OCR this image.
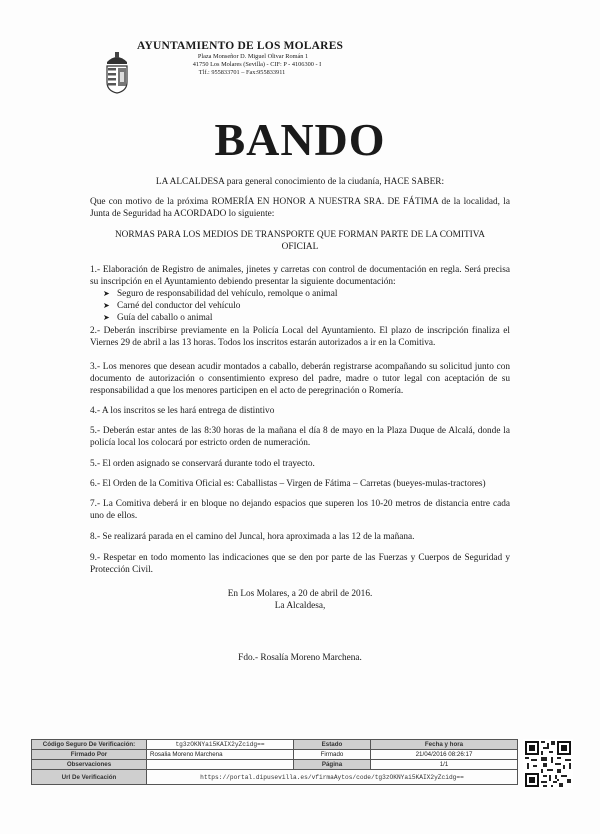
AYUNTAMIENTO DE LOS MOLARES
Plaza Monseñor D. Miguel Olivar Román 1
41750 Los Molares (Sevilla) - CIF: P - 4106300 - I
Tlf.: 955833701 – Fax:955833911
BANDO
LA ALCALDESA para general conocimiento de la ciudanía, HACE SABER:
Que con motivo de la próxima ROMERÍA EN HONOR A NUESTRA SRA. DE FÁTIMA de la localidad, la Junta de Seguridad ha ACORDADO lo siguiente:
NORMAS PARA LOS MEDIOS DE TRANSPORTE QUE FORMAN PARTE DE LA COMITIVA
OFICIAL
1.- Elaboración de Registro de animales, jinetes y carretas con control de documentación en regla. Será precisa su inscripción en el Ayuntamiento debiendo presentar la siguiente documentación:
➤ Seguro de responsabilidad del vehículo, remolque o animal
➤ Carné del conductor del vehículo
➤ Guía del caballo o animal
2.- Deberán inscribirse previamente en la Policía Local del Ayuntamiento. El plazo de inscripción finaliza el Viernes 29 de abril a las 13 horas. Todos los inscritos estarán autorizados a ir en la Comitiva.
3.- Los menores que desean acudir montados a caballo, deberán registrarse acompañando su solicitud junto con documento de autorización o consentimiento expreso del padre, madre o tutor legal con aceptación de su responsabilidad a que los menores participen en el acto de peregrinación o Romería.
4.- A los inscritos se les hará entrega de distintivo
5.- Deberán estar antes de las 8:30 horas de la mañana el día 8 de mayo en la Plaza Duque de Alcalá, donde la policía local los colocará por estricto orden de numeración.
5.- El orden asignado se conservará durante todo el trayecto.
6.- El Orden de la Comitiva Oficial es: Caballistas – Virgen de Fátima – Carretas (bueyes-mulas-tractores)
7.- La Comitiva deberá ir en bloque no dejando espacios que superen los 10-20 metros de distancia entre cada uno de ellos.
8.- Se realizará parada en el camino del Juncal, hora aproximada a las 12 de la mañana.
9.- Respetar en todo momento las indicaciones que se den por parte de las Fuerzas y Cuerpos de Seguridad y Protección Civil.
En Los Molares, a 20 de abril de 2016.
La Alcaldesa,
Fdo.- Rosalía Moreno Marchena.
Código Seguro De Verificación:	tg3zOKNYai5KAIX2yZcidg==	Estado	Fecha y hora
Firmado Por	Rosalia Moreno Marchena	Firmado	21/04/2016 08:26:17
Observaciones		Página	1/1
Url De Verificación	https://portal.dipusevilla.es/vfirmaAytos/code/tg3zOKNYai5KAIX2yZcidg==		
